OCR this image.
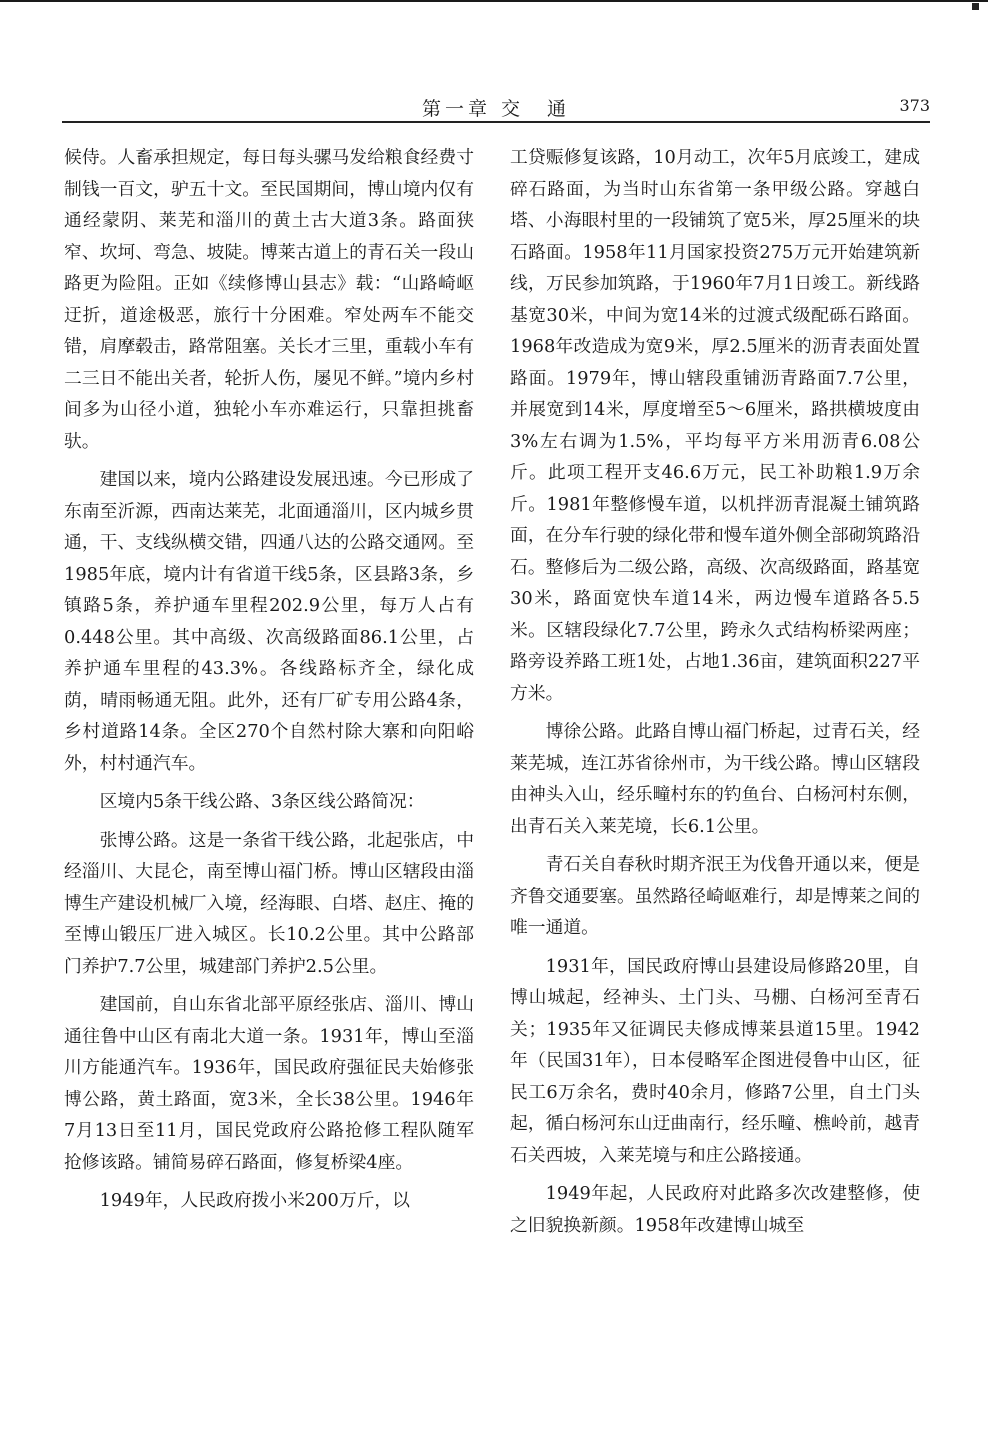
第一章 交　通	373

候侍。人畜承担规定，每日每头骡马发给粮食经费寸制钱一百文，驴五十文。至民国期间，博山境内仅有通经蒙阴、莱芜和淄川的黄土古大道3条。路面狭窄、坎坷、弯急、坡陡。博莱古道上的青石关一段山路更为险阻。正如《续修博山县志》载：“山路崎岖迂折，道途极恶，旅行十分困难。窄处两车不能交错，肩摩毂击，路常阻塞。关长才三里，重载小车有二三日不能出关者，轮折人伤，屡见不鲜。”境内乡村间多为山径小道，独轮小车亦难运行，只靠担挑畜驮。

建国以来，境内公路建设发展迅速。今已形成了东南至沂源，西南达莱芜，北面通淄川，区内城乡贯通，干、支线纵横交错，四通八达的公路交通网。至1985年底，境内计有省道干线5条，区县路3条，乡镇路5条，养护通车里程202.9公里，每万人占有0.448公里。其中高级、次高级路面86.1公里，占养护通车里程的43.3%。各线路标齐全，绿化成荫，晴雨畅通无阻。此外，还有厂矿专用公路4条，乡村道路14条。全区270个自然村除大寨和向阳峪外，村村通汽车。

区境内5条干线公路、3条区线公路简况：

张博公路。这是一条省干线公路，北起张店，中经淄川、大昆仑，南至博山福门桥。博山区辖段由淄博生产建设机械厂入境，经海眼、白塔、赵庄、掩的至博山锻压厂进入城区。长10.2公里。其中公路部门养护7.7公里，城建部门养护2.5公里。

建国前，自山东省北部平原经张店、淄川、博山通往鲁中山区有南北大道一条。1931年，博山至淄川方能通汽车。1936年，国民政府强征民夫始修张博公路，黄土路面，宽3米，全长38公里。1946年7月13日至11月，国民党政府公路抢修工程队随军抢修该路。铺简易碎石路面，修复桥梁4座。

1949年，人民政府拨小米200万斤，以

工贷赈修复该路，10月动工，次年5月底竣工，建成碎石路面，为当时山东省第一条甲级公路。穿越白塔、小海眼村里的一段铺筑了宽5米，厚25厘米的块石路面。1958年11月国家投资275万元开始建筑新线，万民参加筑路，于1960年7月1日竣工。新线路基宽30米，中间为宽14米的过渡式级配砾石路面。1968年改造成为宽9米，厚2.5厘米的沥青表面处置路面。1979年，博山辖段重铺沥青路面7.7公里，并展宽到14米，厚度增至5～6厘米，路拱横坡度由3%左右调为1.5%，平均每平方米用沥青6.08公斤。此项工程开支46.6万元，民工补助粮1.9万余斤。1981年整修慢车道，以机拌沥青混凝土铺筑路面，在分车行驶的绿化带和慢车道外侧全部砌筑路沿石。整修后为二级公路，高级、次高级路面，路基宽30米，路面宽快车道14米，两边慢车道路各5.5米。区辖段绿化7.7公里，跨永久式结构桥梁两座；路旁设养路工班1处，占地1.36亩，建筑面积227平方米。

博徐公路。此路自博山福门桥起，过青石关，经莱芜城，连江苏省徐州市，为干线公路。博山区辖段由神头入山，经乐疃村东的钓鱼台、白杨河村东侧，出青石关入莱芜境，长6.1公里。

青石关自春秋时期齐泯王为伐鲁开通以来，便是齐鲁交通要塞。虽然路径崎岖难行，却是博莱之间的唯一通道。

1931年，国民政府博山县建设局修路20里，自博山城起，经神头、土门头、马棚、白杨河至青石关；1935年又征调民夫修成博莱县道15里。1942年（民国31年），日本侵略军企图进侵鲁中山区，征民工6万余名，费时40余月，修路7公里，自土门头起，循白杨河东山迂曲南行，经乐疃、樵岭前，越青石关西坡，入莱芜境与和庄公路接通。

1949年起，人民政府对此路多次改建整修，使之旧貌换新颜。1958年改建博山城至
